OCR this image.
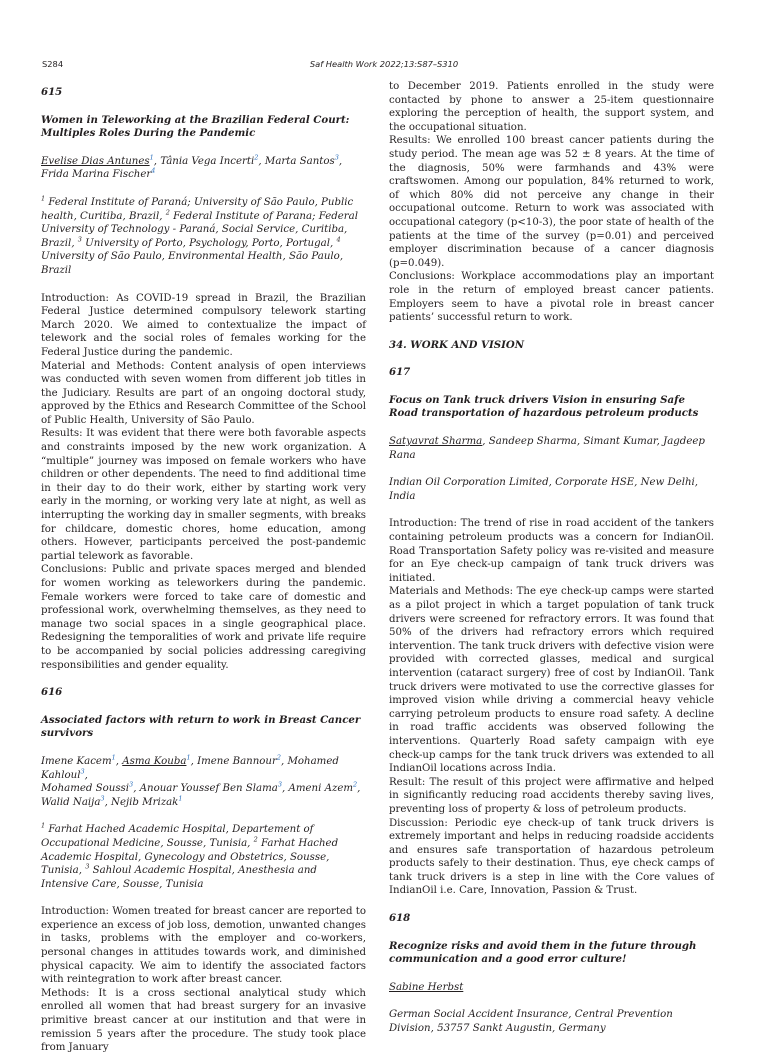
S284	Saf Health Work 2022;13:S87–S310

615

Women in Teleworking at the Brazilian Federal Court: Multiples Roles During the Pandemic

Evelise Dias Antunes$^1$, Tânia Vega Incerti$^2$, Marta Santos$^3$,
Frida Marina Fischer$^4$

$^1$ Federal Institute of Paraná; University of São Paulo, Public health, Curitiba, Brazil, $^2$ Federal Institute of Parana; Federal University of Technology - Paraná, Social Service, Curitiba, Brazil, $^3$ University of Porto, Psychology, Porto, Portugal, $^4$ University of São Paulo, Environmental Health, São Paulo, Brazil

Introduction: As COVID-19 spread in Brazil, the Brazilian Federal Justice determined compulsory telework starting March 2020. We aimed to contextualize the impact of telework and the social roles of females working for the Federal Justice during the pandemic.

Material and Methods: Content analysis of open interviews was conducted with seven women from different job titles in the Judiciary. Results are part of an ongoing doctoral study, approved by the Ethics and Research Committee of the School of Public Health, University of São Paulo.

Results: It was evident that there were both favorable aspects and constraints imposed by the new work organization. A “multiple” journey was imposed on female workers who have children or other dependents. The need to find additional time in their day to do their work, either by starting work very early in the morning, or working very late at night, as well as interrupting the working day in smaller segments, with breaks for childcare, domestic chores, home education, among others. However, participants perceived the post-pandemic partial telework as favorable.

Conclusions: Public and private spaces merged and blended for women working as teleworkers during the pandemic. Female workers were forced to take care of domestic and professional work, overwhelming themselves, as they need to manage two social spaces in a single geographical place. Redesigning the temporalities of work and private life require to be accompanied by social policies addressing caregiving responsibilities and gender equality.

616

Associated factors with return to work in Breast Cancer survivors

Imene Kacem$^1$, Asma Kouba$^1$, Imene Bannour$^2$, Mohamed Kahloul$^3$,
Mohamed Soussi$^3$, Anouar Youssef Ben Slama$^3$, Ameni Azem$^2$,
Walid Naija$^3$, Nejib Mrizak$^1$

$^1$ Farhat Hached Academic Hospital, Departement of Occupational Medicine, Sousse, Tunisia, $^2$ Farhat Hached Academic Hospital, Gynecology and Obstetrics, Sousse, Tunisia, $^3$ Sahloul Academic Hospital, Anesthesia and Intensive Care, Sousse, Tunisia

Introduction: Women treated for breast cancer are reported to experience an excess of job loss, demotion, unwanted changes in tasks, problems with the employer and co-workers, personal changes in attitudes towards work, and diminished physical capacity. We aim to identify the associated factors with reintegration to work after breast cancer.

Methods: It is a cross sectional analytical study which enrolled all women that had breast surgery for an invasive primitive breast cancer at our institution and that were in remission 5 years after the procedure. The study took place from January

to December 2019. Patients enrolled in the study were contacted by phone to answer a 25-item questionnaire exploring the perception of health, the support system, and the occupational situation.

Results: We enrolled 100 breast cancer patients during the study period. The mean age was 52 ± 8 years. At the time of the diagnosis, 50% were farmhands and 43% were craftswomen. Among our population, 84% returned to work, of which 80% did not perceive any change in their occupational outcome. Return to work was associated with occupational category (p<10-3), the poor state of health of the patients at the time of the survey (p=0.01) and perceived employer discrimination because of a cancer diagnosis (p=0.049).

Conclusions: Workplace accommodations play an important role in the return of employed breast cancer patients. Employers seem to have a pivotal role in breast cancer patients’ successful return to work.

34. WORK AND VISION

617

Focus on Tank truck drivers Vision in ensuring Safe Road transportation of hazardous petroleum products

Satyavrat Sharma, Sandeep Sharma, Simant Kumar, Jagdeep Rana

Indian Oil Corporation Limited, Corporate HSE, New Delhi, India

Introduction: The trend of rise in road accident of the tankers containing petroleum products was a concern for IndianOil. Road Transportation Safety policy was re-visited and measure for an Eye check-up campaign of tank truck drivers was initiated.

Materials and Methods: The eye check-up camps were started as a pilot project in which a target population of tank truck drivers were screened for refractory errors. It was found that 50% of the drivers had refractory errors which required intervention. The tank truck drivers with defective vision were provided with corrected glasses, medical and surgical intervention (cataract surgery) free of cost by IndianOil. Tank truck drivers were motivated to use the corrective glasses for improved vision while driving a commercial heavy vehicle carrying petroleum products to ensure road safety. A decline in road traffic accidents was observed following the interventions. Quarterly Road safety campaign with eye check-up camps for the tank truck drivers was extended to all IndianOil locations across India.

Result: The result of this project were affirmative and helped in significantly reducing road accidents thereby saving lives, preventing loss of property & loss of petroleum products.

Discussion: Periodic eye check-up of tank truck drivers is extremely important and helps in reducing roadside accidents and ensures safe transportation of hazardous petroleum products safely to their destination. Thus, eye check camps of tank truck drivers is a step in line with the Core values of IndianOil i.e. Care, Innovation, Passion & Trust.

618

Recognize risks and avoid them in the future through communication and a good error culture!

Sabine Herbst

German Social Accident Insurance, Central Prevention Division, 53757 Sankt Augustin, Germany
